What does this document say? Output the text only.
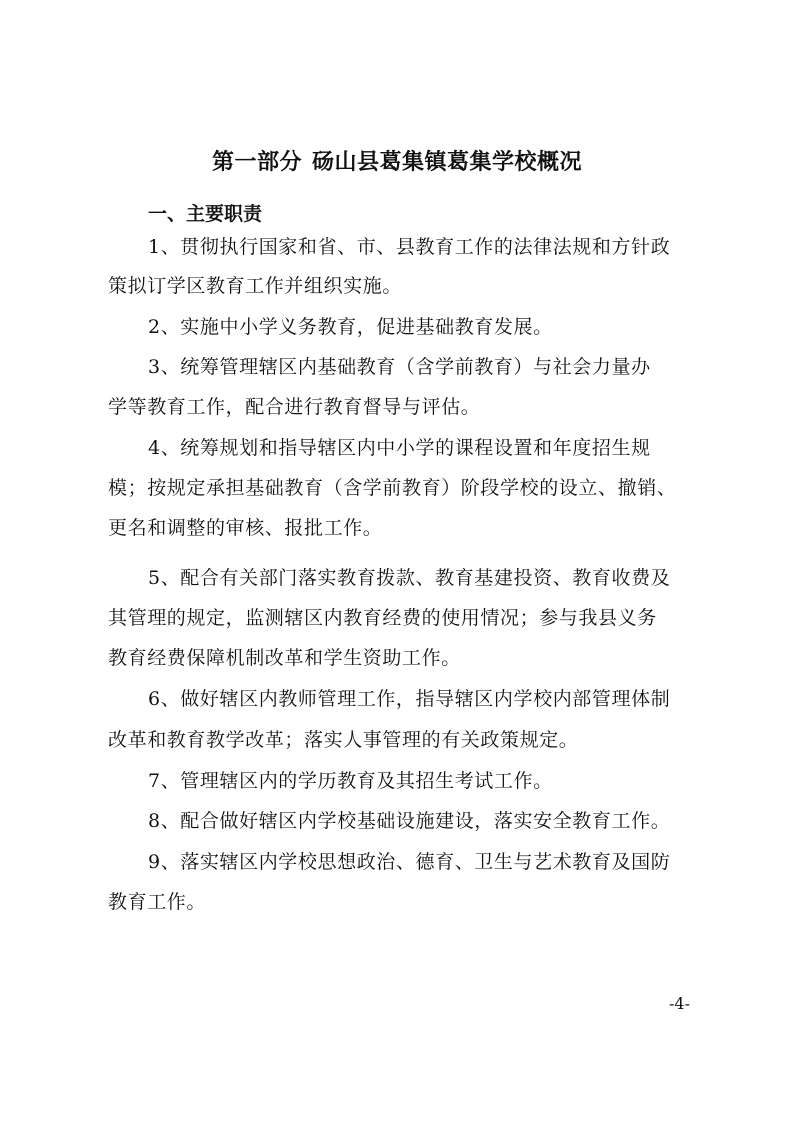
第一部分 砀山县葛集镇葛集学校概况
一、主要职责
1、贯彻执行国家和省、市、县教育工作的法律法规和方针政
策拟订学区教育工作并组织实施。
2、实施中小学义务教育，促进基础教育发展。
3、统筹管理辖区内基础教育（含学前教育）与社会力量办
学等教育工作，配合进行教育督导与评估。
4、统筹规划和指导辖区内中小学的课程设置和年度招生规
模；按规定承担基础教育（含学前教育）阶段学校的设立、撤销、
更名和调整的审核、报批工作。
5、配合有关部门落实教育拨款、教育基建投资、教育收费及
其管理的规定，监测辖区内教育经费的使用情况；参与我县义务
教育经费保障机制改革和学生资助工作。
6、做好辖区内教师管理工作，指导辖区内学校内部管理体制
改革和教育教学改革；落实人事管理的有关政策规定。
7、管理辖区内的学历教育及其招生考试工作。
8、配合做好辖区内学校基础设施建设，落实安全教育工作。
9、落实辖区内学校思想政治、德育、卫生与艺术教育及国防
教育工作。
-4-
